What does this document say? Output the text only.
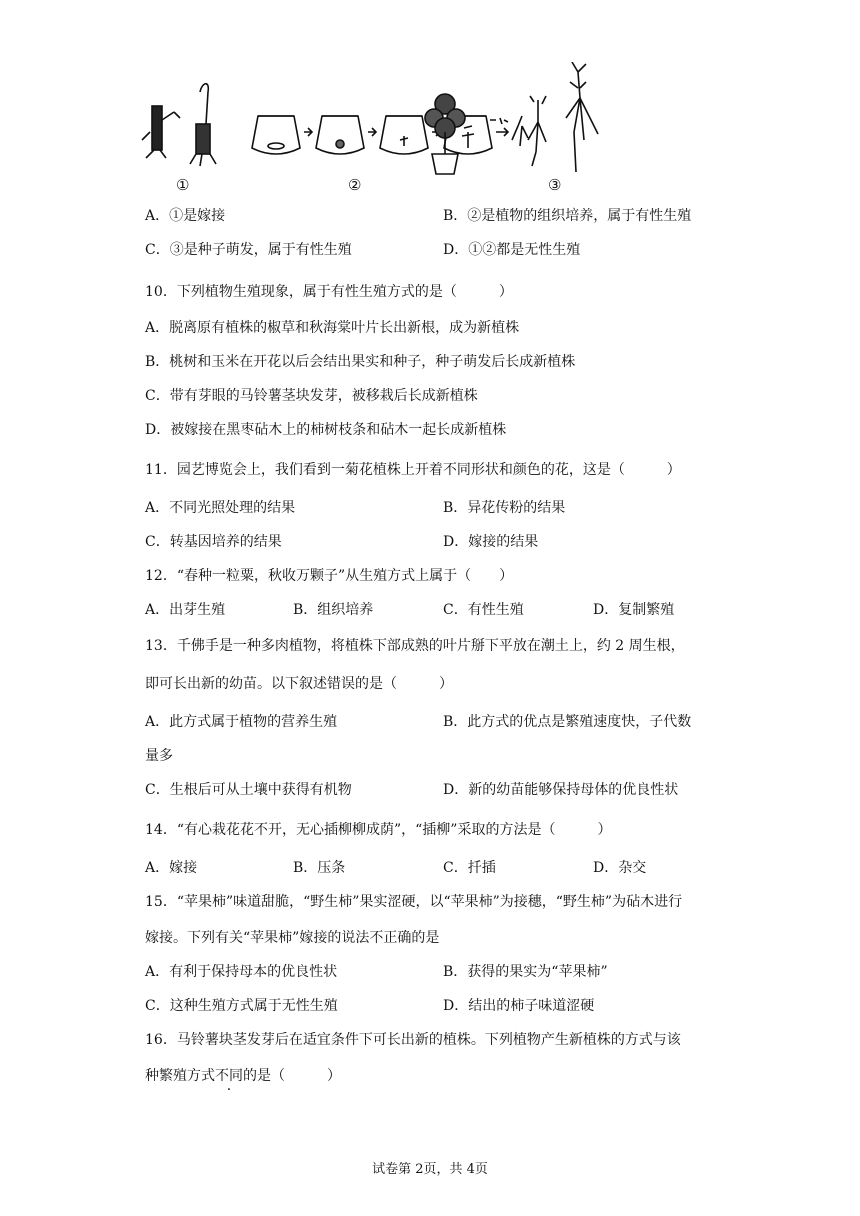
①	②	③
A．①是嫁接	B．②是植物的组织培养，属于有性生殖
C．③是种子萌发，属于有性生殖	D．①②都是无性生殖
10．下列植物生殖现象，属于有性生殖方式的是（　　　）
A．脱离原有植株的椒草和秋海棠叶片长出新根，成为新植株
B．桃树和玉米在开花以后会结出果实和种子，种子萌发后长成新植株
C．带有芽眼的马铃薯茎块发芽，被移栽后长成新植株
D．被嫁接在黑枣砧木上的柿树枝条和砧木一起长成新植株
11．园艺博览会上，我们看到一菊花植株上开着不同形状和颜色的花，这是（　　　）
A．不同光照处理的结果	B．异花传粉的结果
C．转基因培养的结果	D．嫁接的结果
12．“春种一粒粟，秋收万颗子”从生殖方式上属于（　　）
A．出芽生殖	B．组织培养	C．有性生殖	D．复制繁殖
13．千佛手是一种多肉植物，将植株下部成熟的叶片掰下平放在潮土上，约 2 周生根，
即可长出新的幼苗。以下叙述错误的是（　　　）
A．此方式属于植物的营养生殖	B．此方式的优点是繁殖速度快，子代数
量多
C．生根后可从土壤中获得有机物	D．新的幼苗能够保持母体的优良性状
14．“有心栽花花不开，无心插柳柳成荫”，“插柳”采取的方法是（　　　）
A．嫁接	B．压条	C．扦插	D．杂交
15．“苹果柿”味道甜脆，“野生柿”果实涩硬，以“苹果柿”为接穗，“野生柿”为砧木进行
嫁接。下列有关“苹果柿”嫁接的说法不正确的是
A．有利于保持母本的优良性状	B．获得的果实为“苹果柿”
C．这种生殖方式属于无性生殖	D．结出的柿子味道涩硬
16．马铃薯块茎发芽后在适宜条件下可长出新的植株。下列植物产生新植株的方式与该
种繁殖方式不同的是（　　　）
试卷第 2页，共 4页
